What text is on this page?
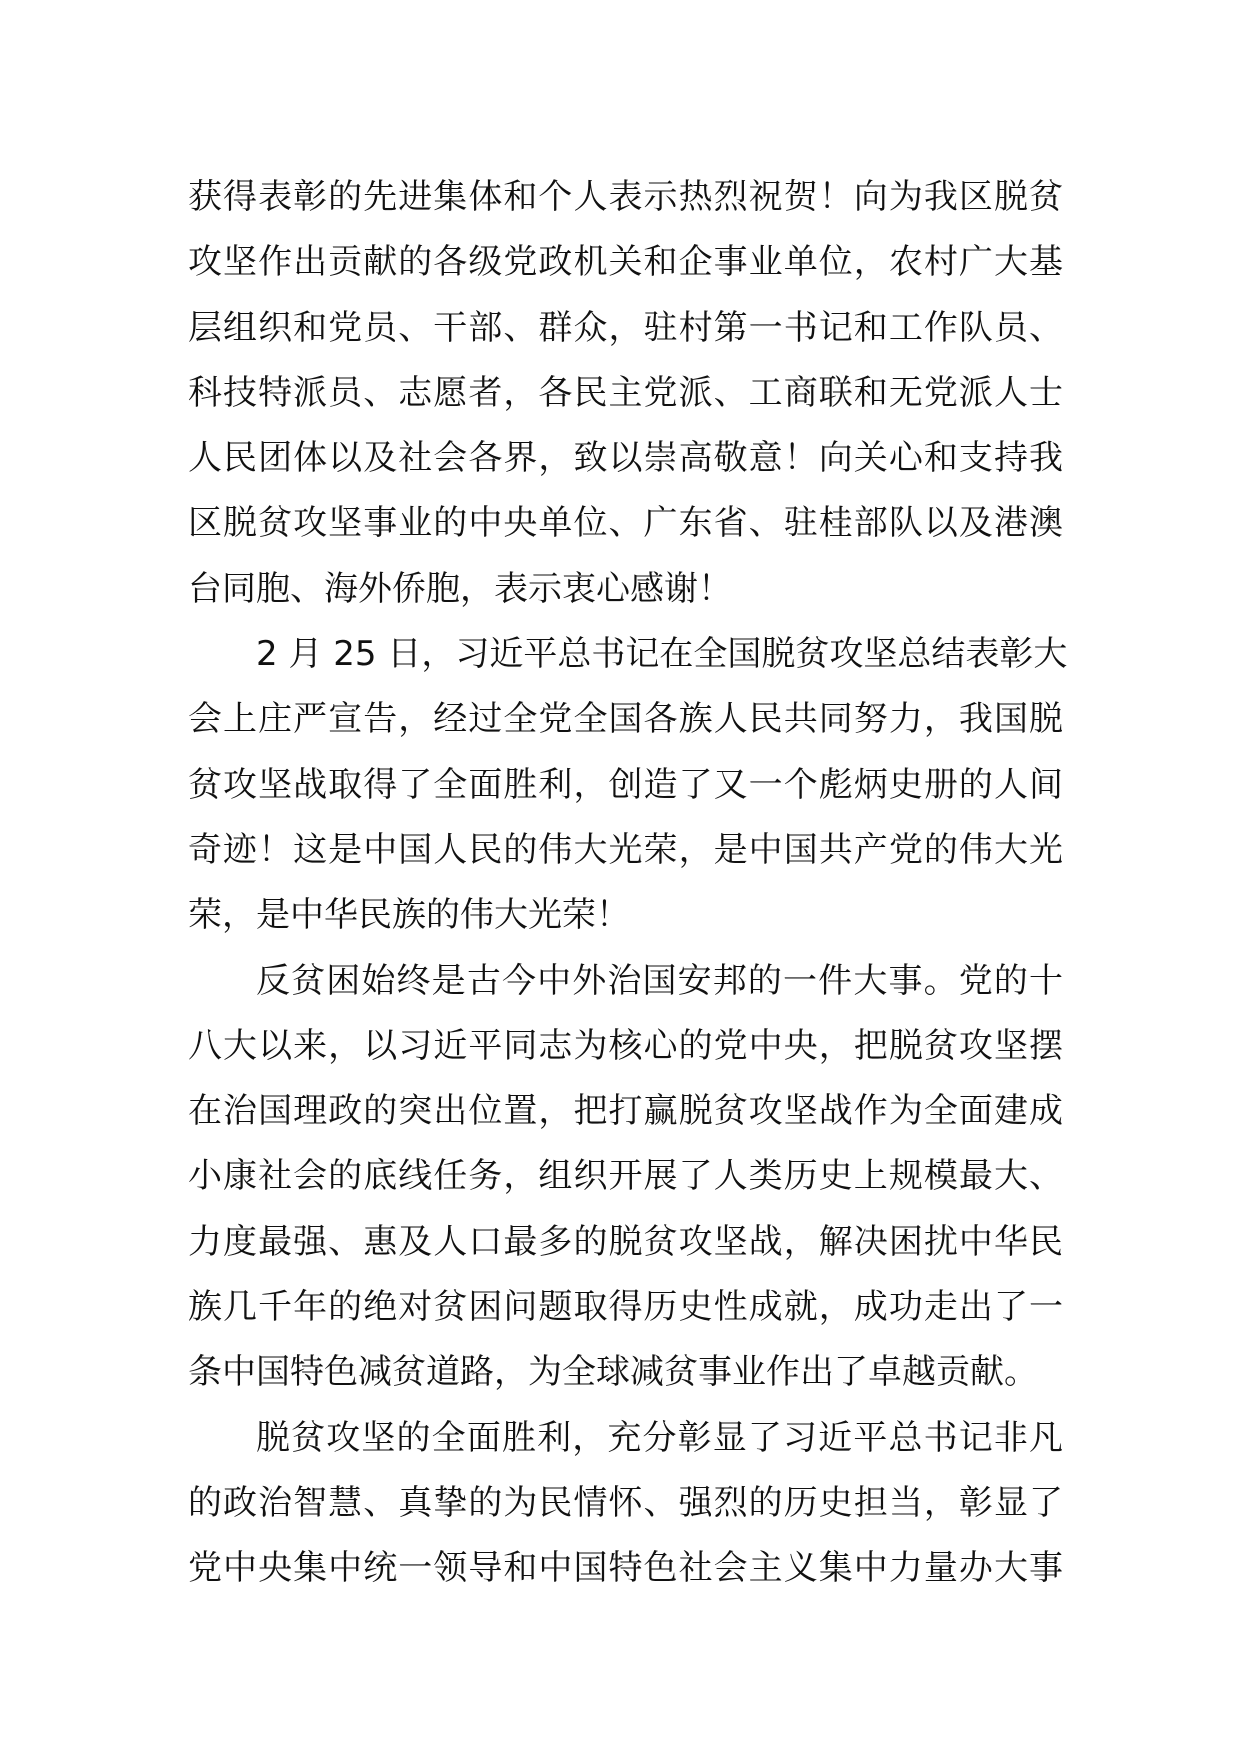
获得表彰的先进集体和个人表示热烈祝贺！向为我区脱贫
攻坚作出贡献的各级党政机关和企事业单位，农村广大基
层组织和党员、干部、群众，驻村第一书记和工作队员、
科技特派员、志愿者，各民主党派、工商联和无党派人士
人民团体以及社会各界，致以崇高敬意！向关心和支持我
区脱贫攻坚事业的中央单位、广东省、驻桂部队以及港澳
台同胞、海外侨胞，表示衷心感谢！
2 月 25 日，习近平总书记在全国脱贫攻坚总结表彰大
会上庄严宣告，经过全党全国各族人民共同努力，我国脱
贫攻坚战取得了全面胜利，创造了又一个彪炳史册的人间
奇迹！这是中国人民的伟大光荣，是中国共产党的伟大光
荣，是中华民族的伟大光荣！
反贫困始终是古今中外治国安邦的一件大事。党的十
八大以来，以习近平同志为核心的党中央，把脱贫攻坚摆
在治国理政的突出位置，把打赢脱贫攻坚战作为全面建成
小康社会的底线任务，组织开展了人类历史上规模最大、
力度最强、惠及人口最多的脱贫攻坚战，解决困扰中华民
族几千年的绝对贫困问题取得历史性成就，成功走出了一
条中国特色减贫道路，为全球减贫事业作出了卓越贡献。
脱贫攻坚的全面胜利，充分彰显了习近平总书记非凡
的政治智慧、真挚的为民情怀、强烈的历史担当，彰显了
党中央集中统一领导和中国特色社会主义集中力量办大事
